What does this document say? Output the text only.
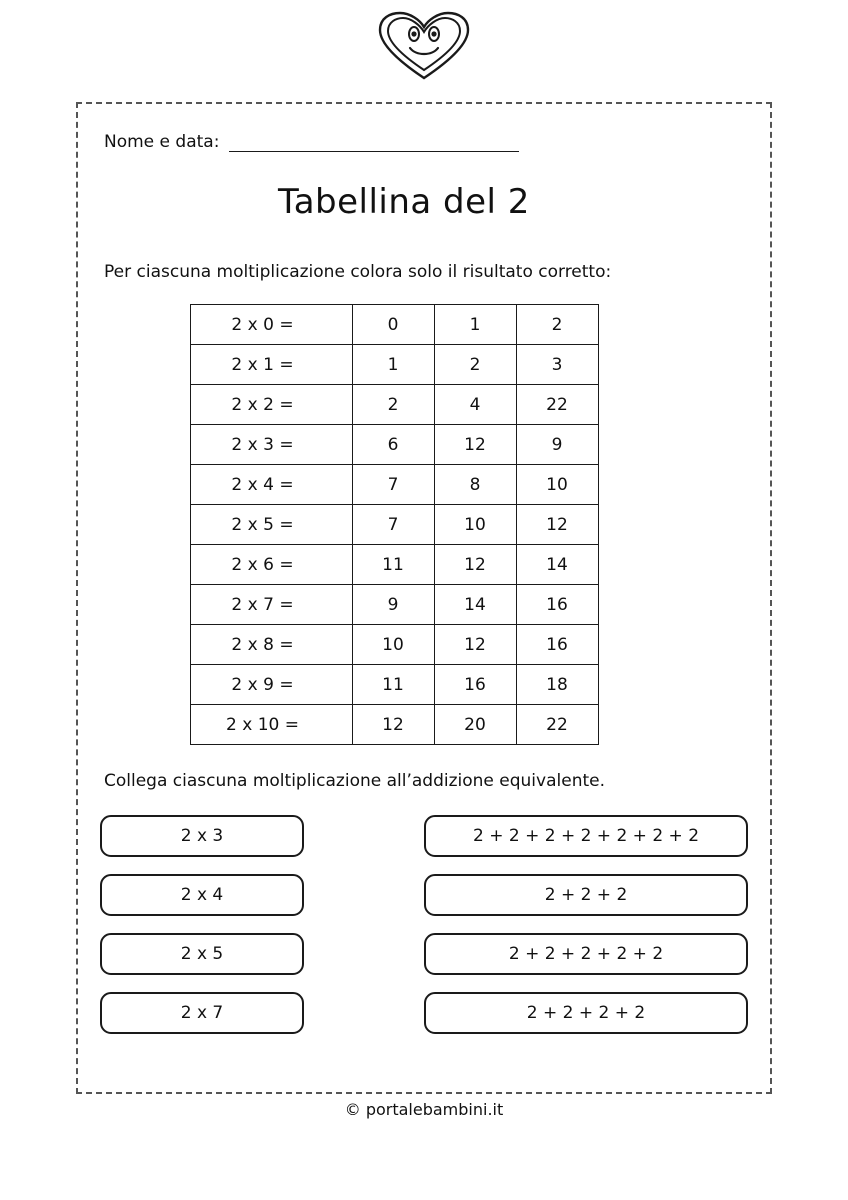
Nome e data:
Tabellina del 2
Per ciascuna moltiplicazione colora solo il risultato corretto:
2 x 0 =	0	1	2
2 x 1 =	1	2	3
2 x 2 =	2	4	22
2 x 3 =	6	12	9
2 x 4 =	7	8	10
2 x 5 =	7	10	12
2 x 6 =	11	12	14
2 x 7 =	9	14	16
2 x 8 =	10	12	16
2 x 9 =	11	16	18
2 x 10 =	12	20	22
Collega ciascuna moltiplicazione all’addizione equivalente.
2 x 3
2 x 4
2 x 5
2 x 7
2 + 2 + 2 + 2 + 2 + 2 + 2
2 + 2 + 2
2 + 2 + 2 + 2 + 2
2 + 2 + 2 + 2
© portalebambini.it
